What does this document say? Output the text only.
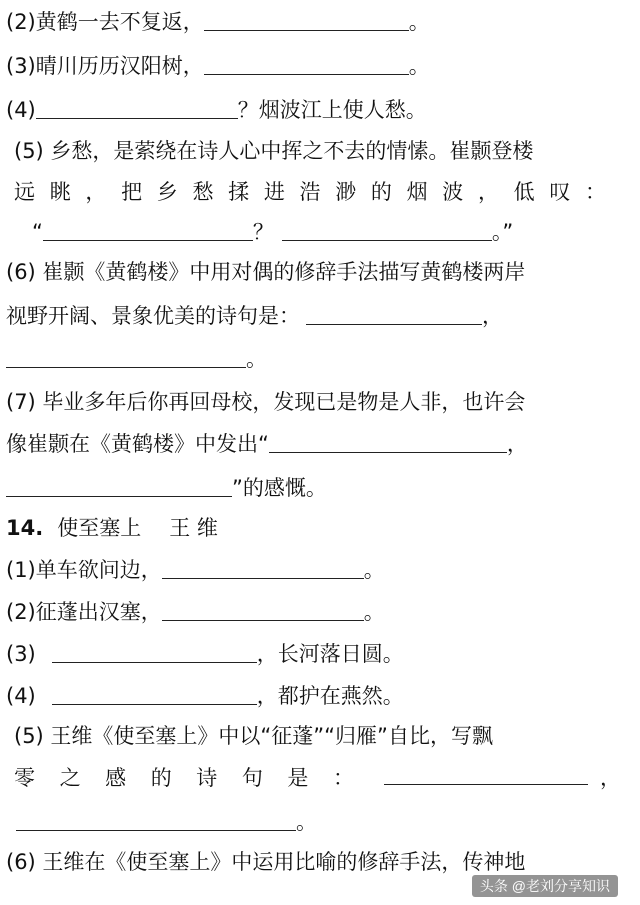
(2)黄鹤一去不复返，	。
(3)晴川历历汉阳树，	。
(4)	？烟波江上使人愁。
(5) 乡愁，是萦绕在诗人心中挥之不去的情愫。崔颢登楼
远 眺 ， 把 乡 愁 揉 进 浩 渺 的 烟 波 ， 低 叹 ：
“	？	。”
(6) 崔颢《黄鹤楼》中用对偶的修辞手法描写黄鹤楼两岸
视野开阔、景象优美的诗句是：	，
。
(7) 毕业多年后你再回母校，发现已是物是人非，也许会
像崔颢在《黄鹤楼》中发出“	，
”的感慨。
14. 使至塞上 王 维
(1)单车欲问边，	。
(2)征蓬出汉塞，	。
(3)	，长河落日圆。
(4)	，都护在燕然。
(5) 王维《使至塞上》中以“征蓬”“归雁”自比，写飘
零 之 感 的 诗 句 是 ：	，
。
(6) 王维在《使至塞上》中运用比喻的修辞手法，传神地
头条 @老刘分享知识
